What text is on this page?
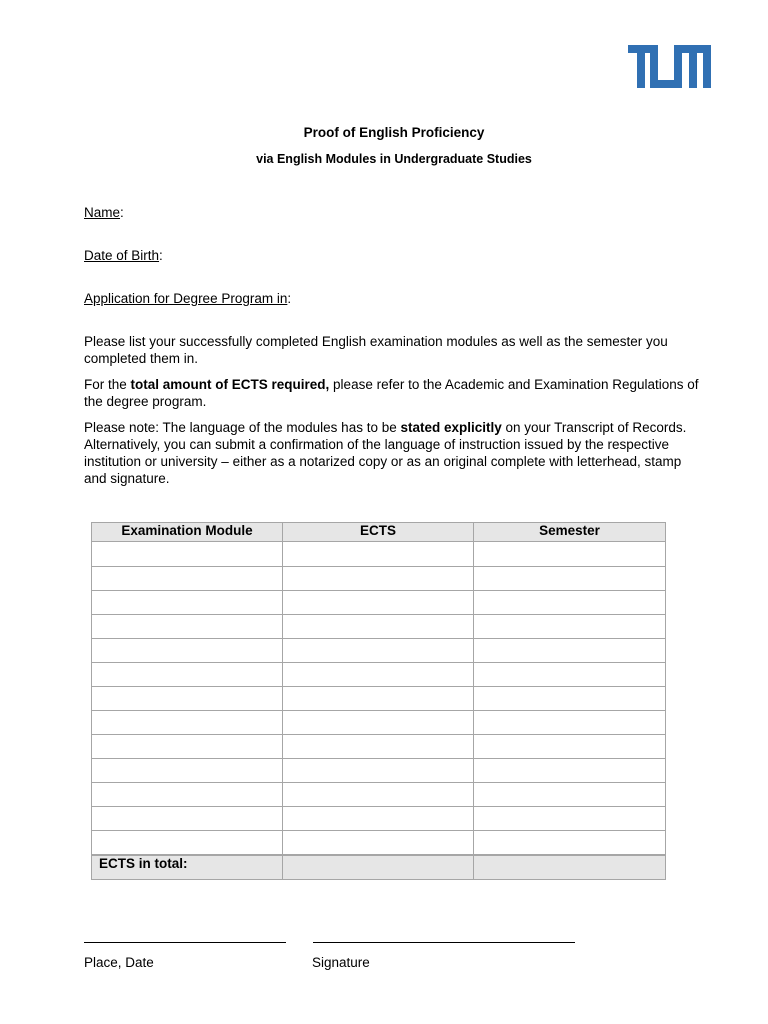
Proof of English Proficiency

via English Modules in Undergraduate Studies

Name:

Date of Birth:

Application for Degree Program in:

Please list your successfully completed English examination modules as well as the semester you completed them in.

For the total amount of ECTS required, please refer to the Academic and Examination Regulations of the degree program.

Please note: The language of the modules has to be stated explicitly on your Transcript of Records. Alternatively, you can submit a confirmation of the language of instruction issued by the respective institution or university – either as a notarized copy or as an original complete with letterhead, stamp and signature.

Examination Module	ECTS	Semester

ECTS in total:		

Place, Date	Signature
